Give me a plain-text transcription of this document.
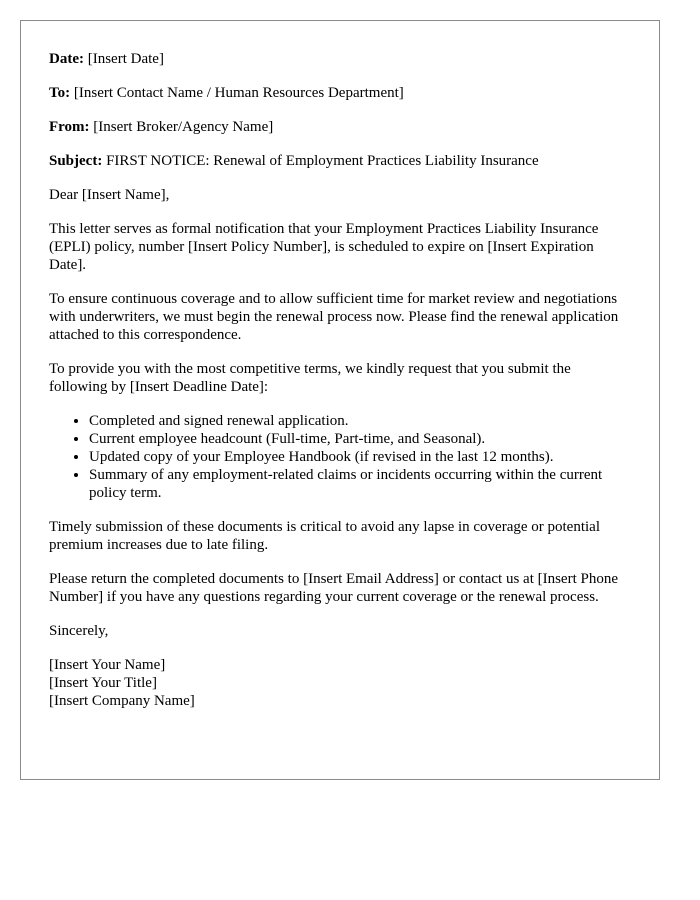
Date: [Insert Date]

To: [Insert Contact Name / Human Resources Department]

From: [Insert Broker/Agency Name]

Subject: FIRST NOTICE: Renewal of Employment Practices Liability Insurance

Dear [Insert Name],

This letter serves as formal notification that your Employment Practices Liability Insurance (EPLI) policy, number [Insert Policy Number], is scheduled to expire on [Insert Expiration Date].

To ensure continuous coverage and to allow sufficient time for market review and negotiations with underwriters, we must begin the renewal process now. Please find the renewal application attached to this correspondence.

To provide you with the most competitive terms, we kindly request that you submit the following by [Insert Deadline Date]:

• Completed and signed renewal application.
• Current employee headcount (Full-time, Part-time, and Seasonal).
• Updated copy of your Employee Handbook (if revised in the last 12 months).
• Summary of any employment-related claims or incidents occurring within the current policy term.

Timely submission of these documents is critical to avoid any lapse in coverage or potential premium increases due to late filing.

Please return the completed documents to [Insert Email Address] or contact us at [Insert Phone Number] if you have any questions regarding your current coverage or the renewal process.

Sincerely,

[Insert Your Name]
[Insert Your Title]
[Insert Company Name]
